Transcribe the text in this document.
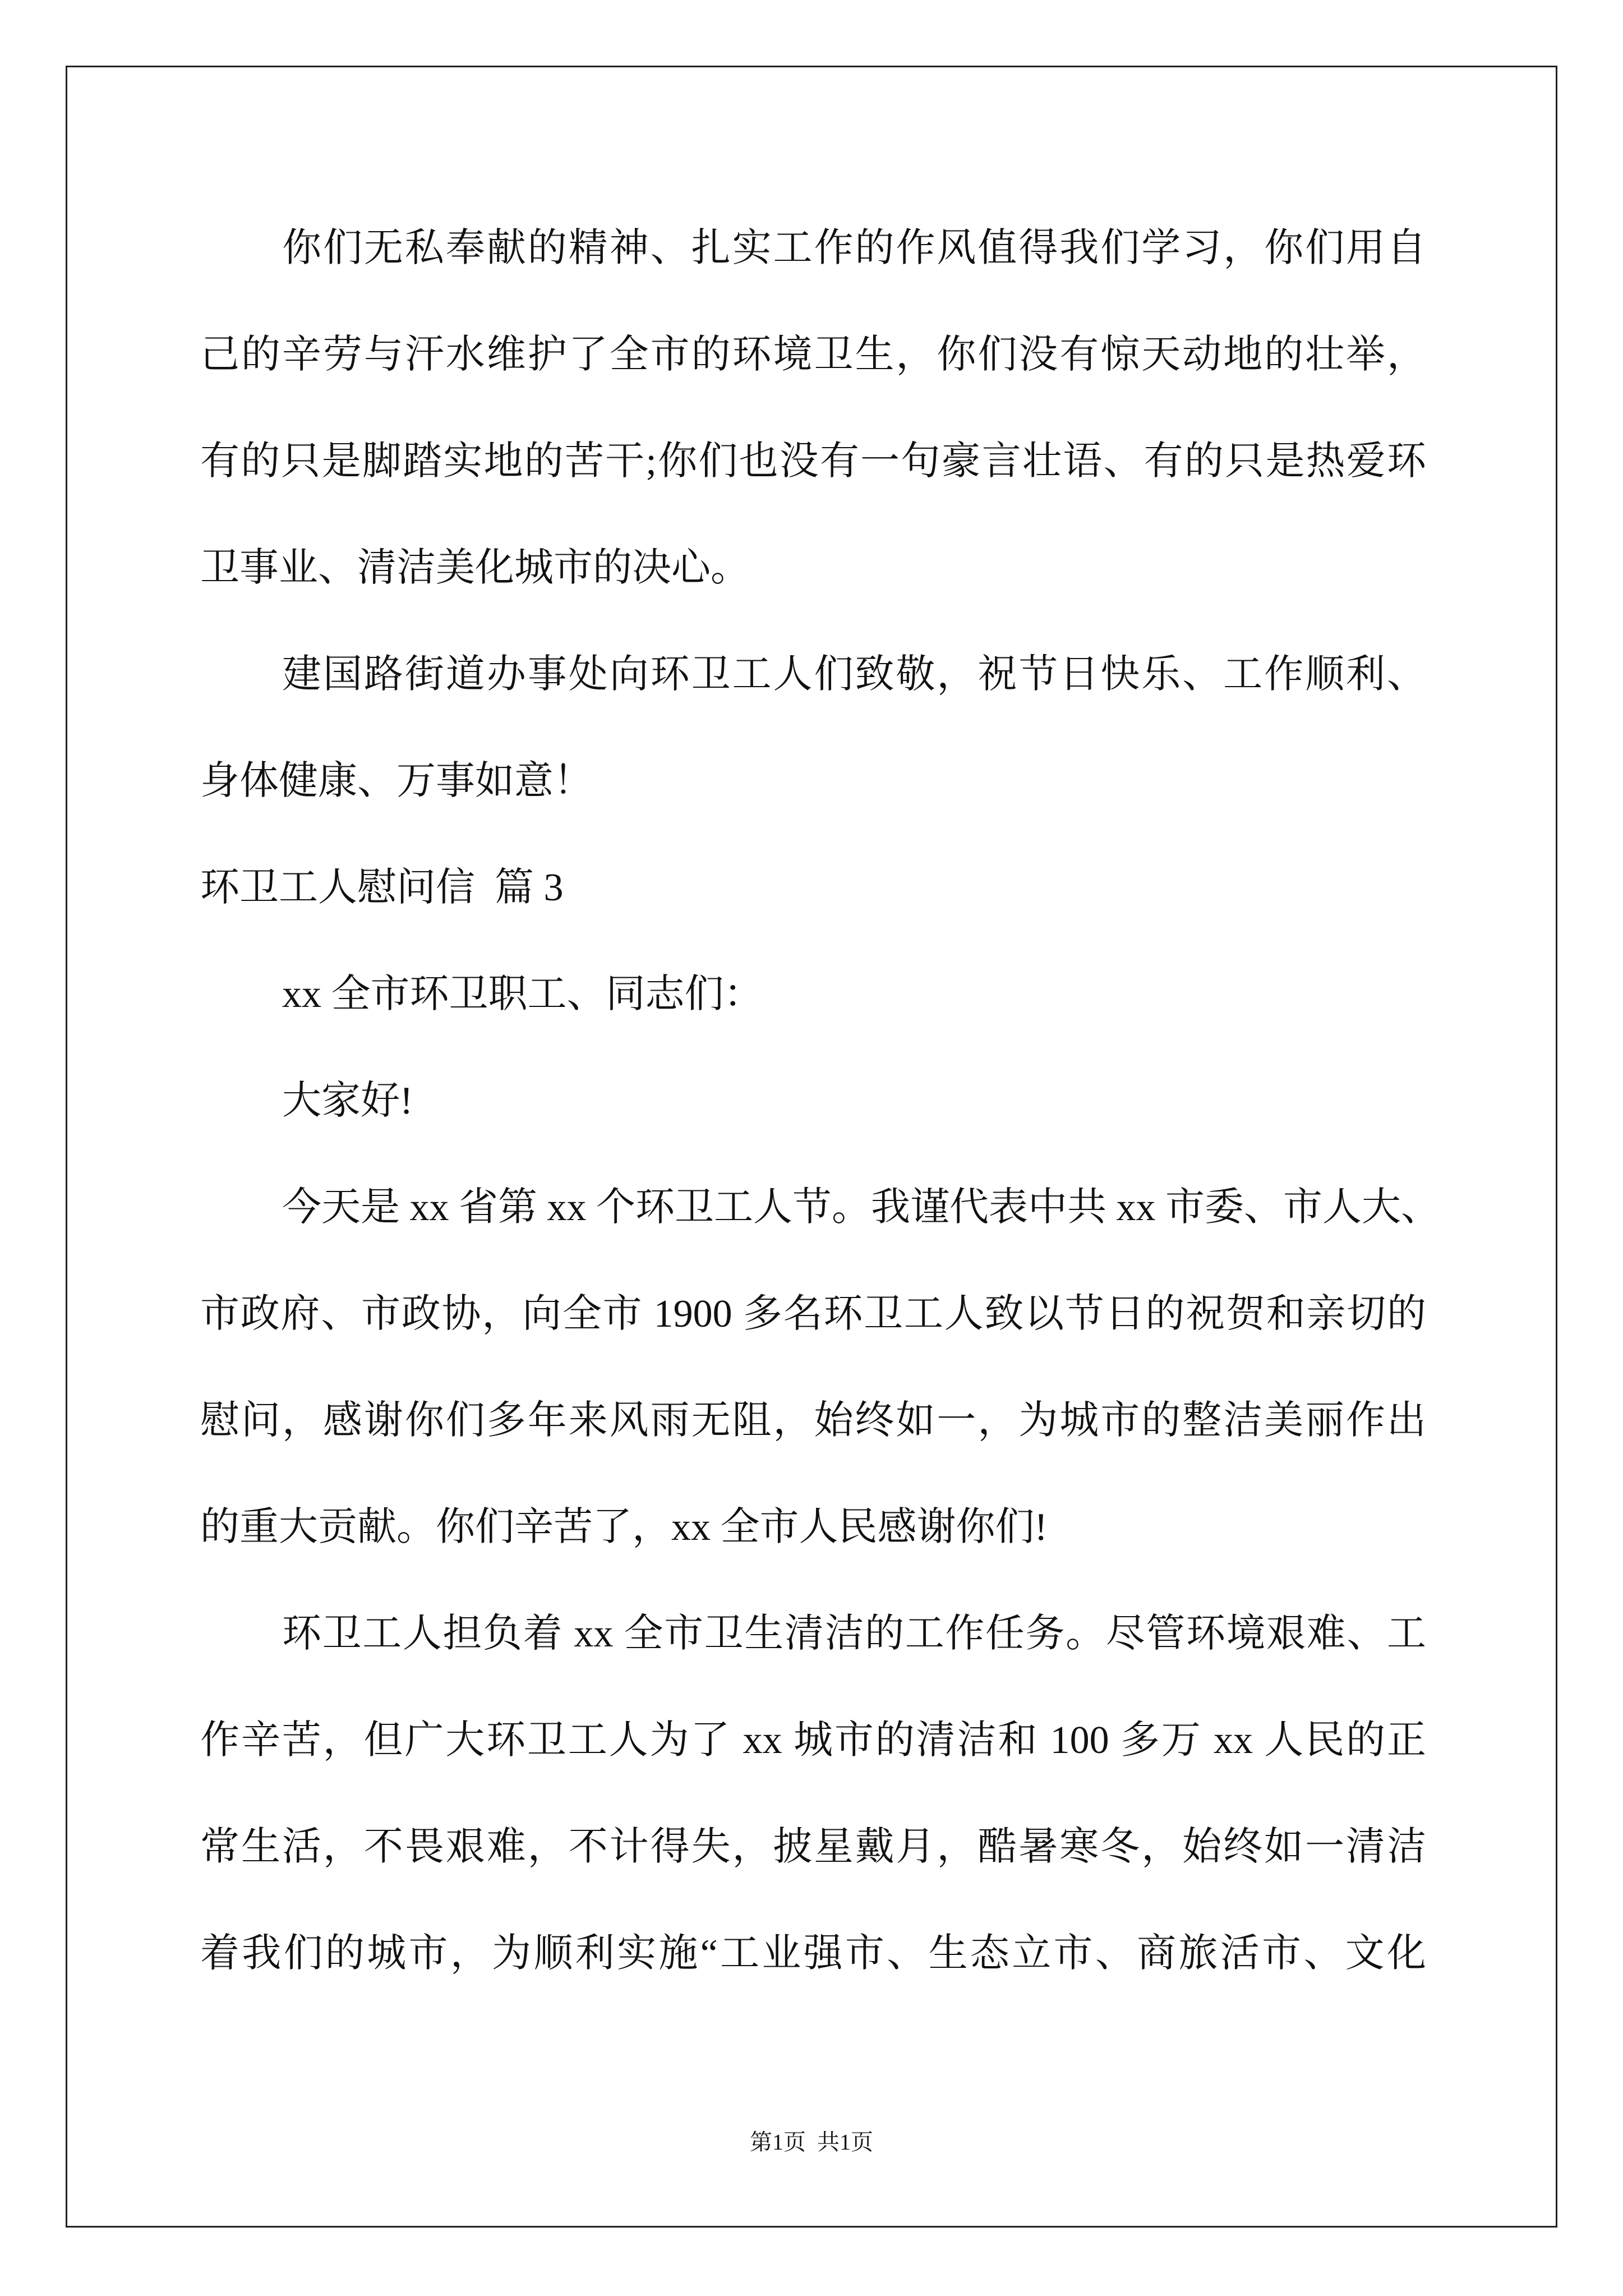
你们无私奉献的精神、扎实工作的作风值得我们学习，你们用自
己的辛劳与汗水维护了全市的环境卫生，你们没有惊天动地的壮举，
有的只是脚踏实地的苦干;你们也没有一句豪言壮语、有的只是热爱环
卫事业、清洁美化城市的决心。
建国路街道办事处向环卫工人们致敬，祝节日快乐、工作顺利、
身体健康、万事如意！
环卫工人慰问信  篇 3
xx 全市环卫职工、同志们：
大家好!
今天是 xx 省第 xx 个环卫工人节。我谨代表中共 xx 市委、市人大、
市政府、市政协，向全市 1900 多名环卫工人致以节日的祝贺和亲切的
慰问，感谢你们多年来风雨无阻，始终如一，为城市的整洁美丽作出
的重大贡献。你们辛苦了，xx 全市人民感谢你们!
环卫工人担负着 xx 全市卫生清洁的工作任务。尽管环境艰难、工
作辛苦，但广大环卫工人为了 xx 城市的清洁和 100 多万 xx 人民的正
常生活，不畏艰难，不计得失，披星戴月，酷暑寒冬，始终如一清洁
着我们的城市，为顺利实施“工业强市、生态立市、商旅活市、文化
第1页  共1页
